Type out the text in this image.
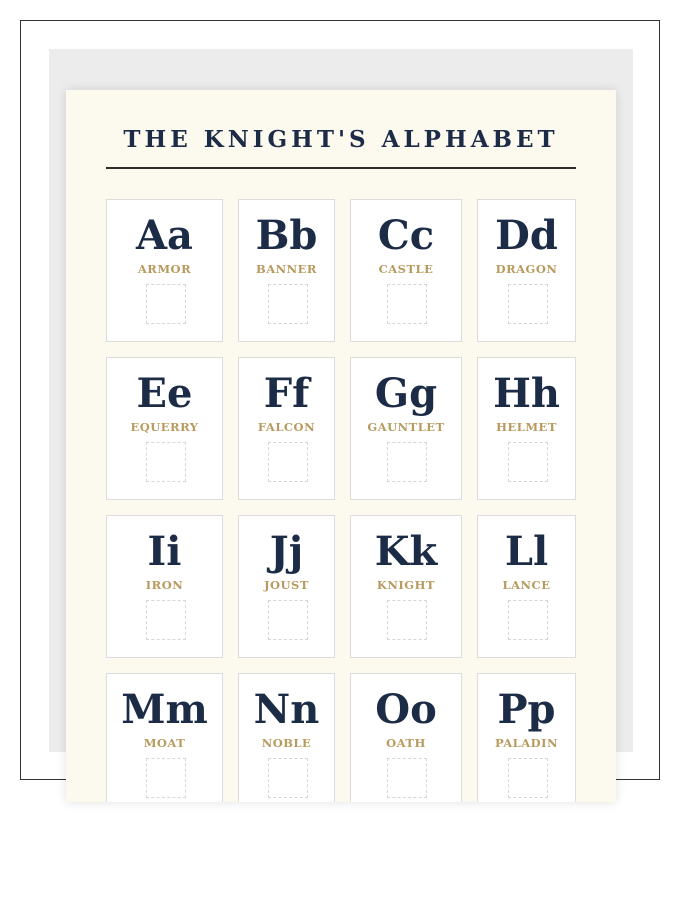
THE KNIGHT'S ALPHABET
Aa
ARMOR
Bb
BANNER
Cc
CASTLE
Dd
DRAGON
Ee
EQUERRY
Ff
FALCON
Gg
GAUNTLET
Hh
HELMET
Ii
IRON
Jj
JOUST
Kk
KNIGHT
Ll
LANCE
Mm
MOAT
Nn
NOBLE
Oo
OATH
Pp
PALADIN
